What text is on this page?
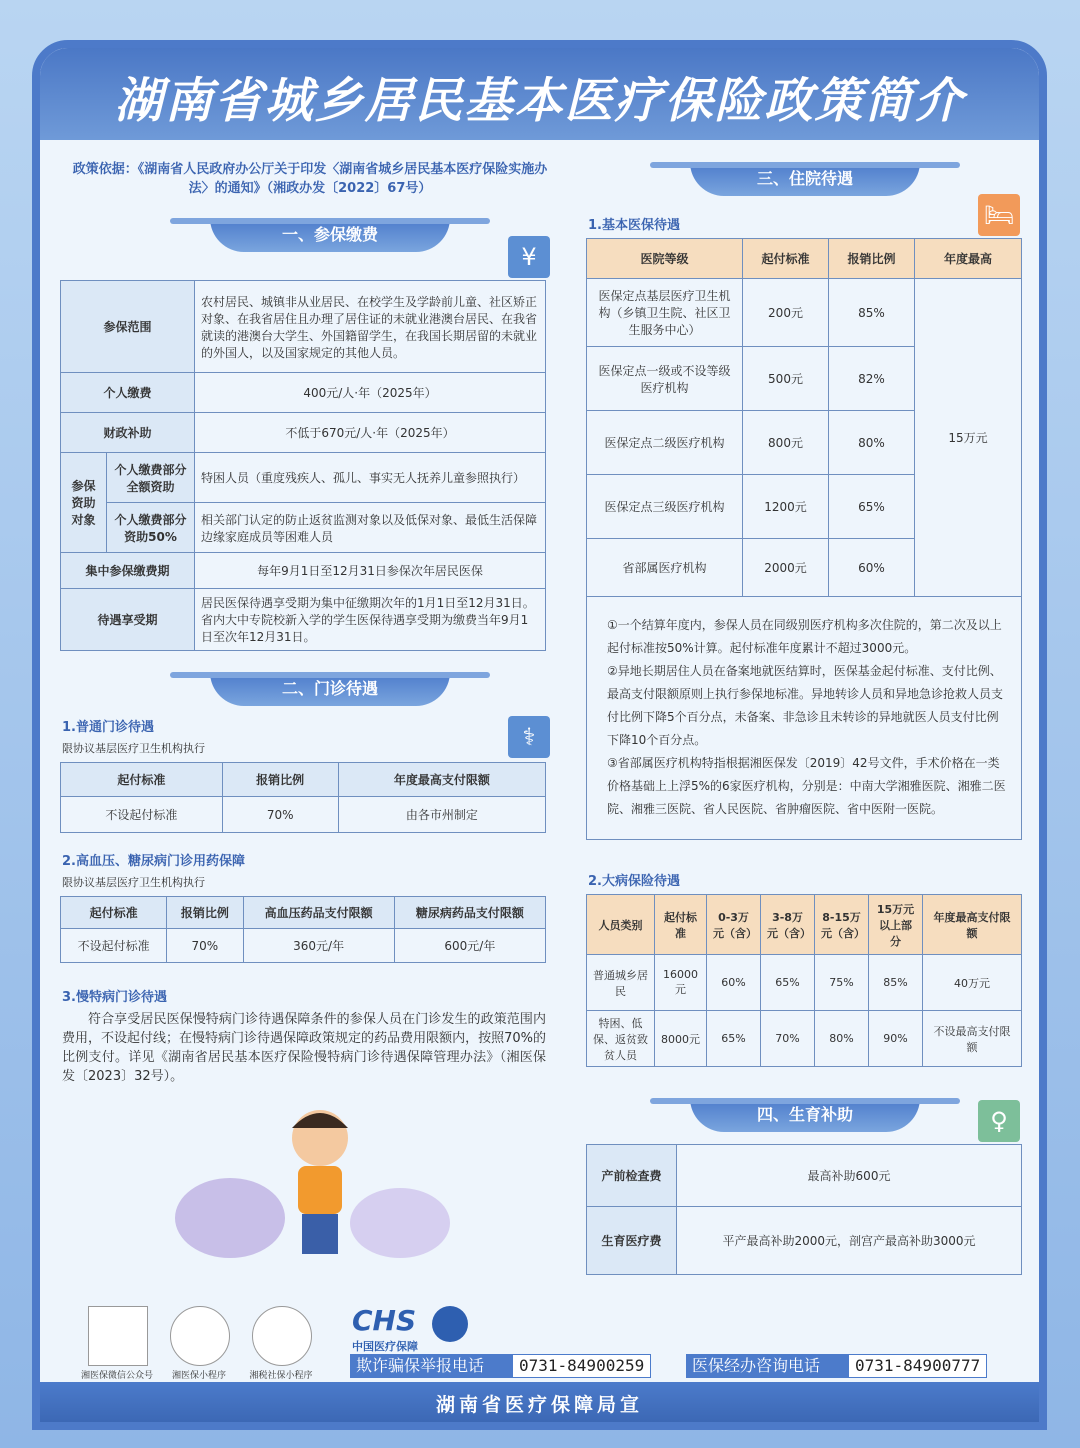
湖南省城乡居民基本医疗保险政策简介
政策依据：《湖南省人民政府办公厅关于印发〈湖南省城乡居民基本医疗保险实施办法〉的通知》（湘政办发〔2022〕67号）
一、参保缴费
¥
参保范围		农村居民、城镇非从业居民、在校学生及学龄前儿童、社区矫正对象、在我省居住且办理了居住证的未就业港澳台居民、在我省就读的港澳台大学生、外国籍留学生，在我国长期居留的未就业的外国人，以及国家规定的其他人员。
个人缴费		400元/人·年（2025年）
财政补助		不低于670元/人·年（2025年）
参保资助对象	个人缴费部分全额资助	特困人员（重度残疾人、孤儿、事实无人抚养儿童参照执行）
	个人缴费部分资助50%	相关部门认定的防止返贫监测对象以及低保对象、最低生活保障边缘家庭成员等困难人员
集中参保缴费期		每年9月1日至12月31日参保次年居民医保
待遇享受期		居民医保待遇享受期为集中征缴期次年的1月1日至12月31日。省内大中专院校新入学的学生医保待遇享受期为缴费当年9月1日至次年12月31日。
二、门诊待遇
1.普通门诊待遇
限协议基层医疗卫生机构执行	⚕
起付标准	报销比例	年度最高支付限额
不设起付标准	70%	由各市州制定
2.高血压、糖尿病门诊用药保障
限协议基层医疗卫生机构执行
起付标准	报销比例	高血压药品支付限额	糖尿病药品支付限额
不设起付标准	70%	360元/年	600元/年
3.慢特病门诊待遇
符合享受居民医保慢特病门诊待遇保障条件的参保人员在门诊发生的政策范围内费用，不设起付线；在慢特病门诊待遇保障政策规定的药品费用限额内，按照70%的比例支付。详见《湖南省居民基本医疗保险慢特病门诊待遇保障管理办法》（湘医保发〔2023〕32号）。
湘医保微信公众号	湘医保小程序	湘税社保小程序
CHS
中国医疗保障
欺诈骗保举报电话	0731-84900259	医保经办咨询电话	0731-84900777
湖南省医疗保障局宣
三、住院待遇
1.基本医保待遇	🛏
医院等级	起付标准	报销比例	年度最高
医保定点基层医疗卫生机构（乡镇卫生院、社区卫生服务中心）	200元	85%	15万元
医保定点一级或不设等级医疗机构	500元	82%	
医保定点二级医疗机构	800元	80%	
医保定点三级医疗机构	1200元	65%	
省部属医疗机构	2000元	60%	
①一个结算年度内，参保人员在同级别医疗机构多次住院的，第二次及以上起付标准按50%计算。起付标准年度累计不超过3000元。
②异地长期居住人员在备案地就医结算时，医保基金起付标准、支付比例、最高支付限额原则上执行参保地标准。异地转诊人员和异地急诊抢救人员支付比例下降5个百分点，未备案、非急诊且未转诊的异地就医人员支付比例下降10个百分点。
③省部属医疗机构特指根据湘医保发〔2019〕42号文件，手术价格在一类价格基础上上浮5%的6家医疗机构，分别是：中南大学湘雅医院、湘雅二医院、湘雅三医院、省人民医院、省肿瘤医院、省中医附一医院。
2.大病保险待遇
人员类别	起付标准	0-3万元（含）	3-8万元（含）	8-15万元（含）	15万元以上部分	年度最高支付限额
普通城乡居民	16000元	60%	65%	75%	85%	40万元
特困、低保、返贫致贫人员	8000元	65%	70%	80%	90%	不设最高支付限额
四、生育补助	♀
产前检查费	最高补助600元
生育医疗费	平产最高补助2000元，剖宫产最高补助3000元
